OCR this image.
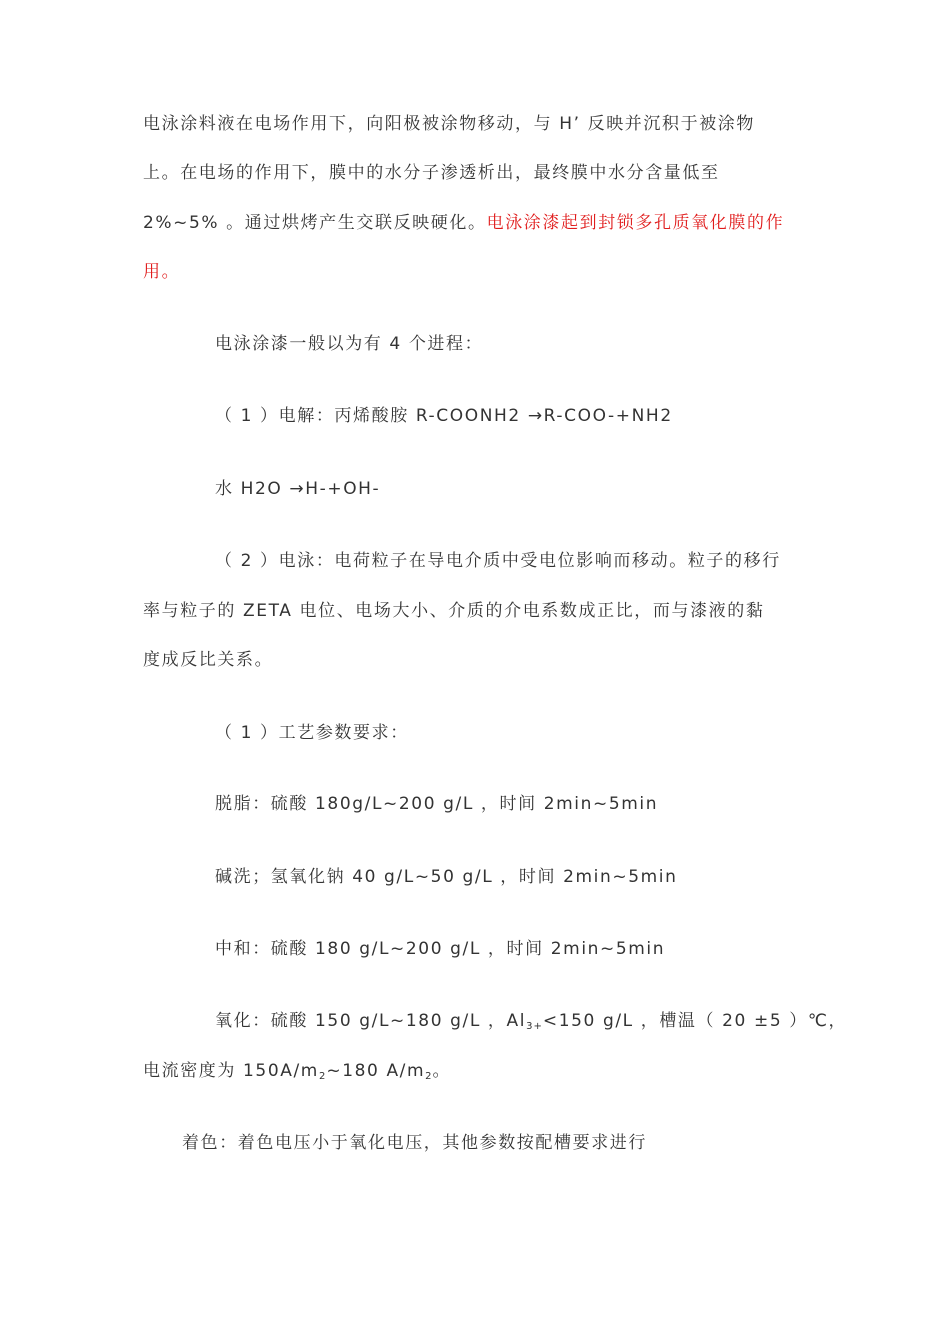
电泳涂料液在电场作用下，向阳极被涂物移动，与 H’ 反映并沉积于被涂物
上。在电场的作用下，膜中的水分子渗透析出，最终膜中水分含量低至
2%~5% 。通过烘烤产生交联反映硬化。电泳涂漆起到封锁多孔质氧化膜的作
用。
电泳涂漆一般以为有 4 个进程：
（ 1 ）电解：丙烯酸胺 R-COONH2 →R-COO-+NH2
水 H2O →H-+OH-
（ 2 ）电泳：电荷粒子在导电介质中受电位影响而移动。粒子的移行
率与粒子的 ZETA 电位、电场大小、介质的介电系数成正比，而与漆液的黏
度成反比关系。
（ 1 ）工艺参数要求：
脱脂：硫酸 180g/L~200 g/L ，时间 2min~5min
碱洗；氢氧化钠 40 g/L~50 g/L ，时间 2min~5min
中和：硫酸 180 g/L~200 g/L ，时间 2min~5min
氧化：硫酸 150 g/L~180 g/L ，$Al_{3+}<150$ g/L ，槽温（ 20 ±5 ）℃，
电流密度为 $150A/m_2\sim 180$ $A/m_2$。
着色：着色电压小于氧化电压，其他参数按配槽要求进行
